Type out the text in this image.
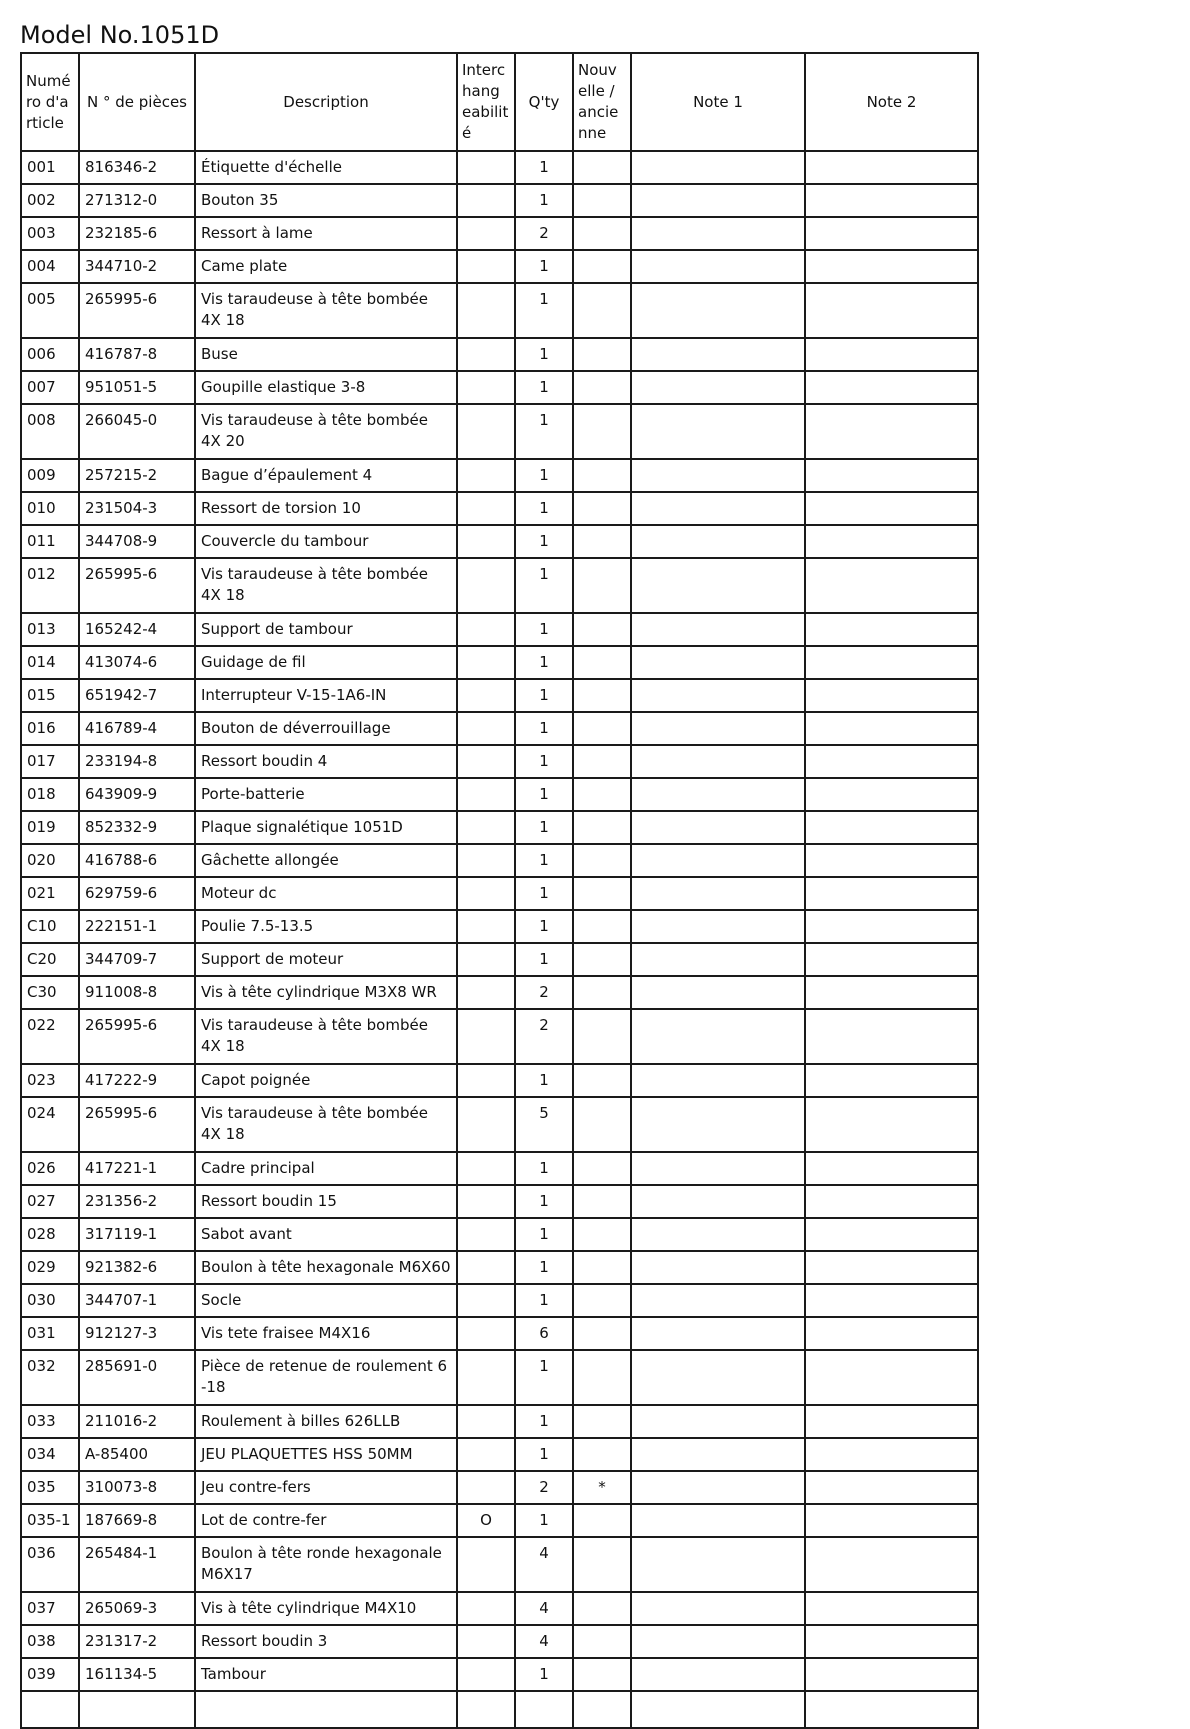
Model No.1051D
Numé ro d'a rticle	N ° de pièces	Description	Interc hang eabilit é	Q'ty	Nouv elle / ancie nne	Note 1	Note 2
001	816346-2	Étiquette d'échelle		1			
002	271312-0	Bouton 35		1			
003	232185-6	Ressort à lame		2			
004	344710-2	Came plate		1			
005	265995-6	Vis taraudeuse à tête bombée 4X 18		1			
006	416787-8	Buse		1			
007	951051-5	Goupille elastique 3-8		1			
008	266045-0	Vis taraudeuse à tête bombée 4X 20		1			
009	257215-2	Bague d’épaulement 4		1			
010	231504-3	Ressort de torsion 10		1			
011	344708-9	Couvercle du tambour		1			
012	265995-6	Vis taraudeuse à tête bombée 4X 18		1			
013	165242-4	Support de tambour		1			
014	413074-6	Guidage de fil		1			
015	651942-7	Interrupteur V-15-1A6-IN		1			
016	416789-4	Bouton de déverrouillage		1			
017	233194-8	Ressort boudin 4		1			
018	643909-9	Porte-batterie		1			
019	852332-9	Plaque signalétique 1051D		1			
020	416788-6	Gâchette allongée		1			
021	629759-6	Moteur dc		1			
C10	222151-1	Poulie 7.5-13.5		1			
C20	344709-7	Support de moteur		1			
C30	911008-8	Vis à tête cylindrique M3X8 WR		2			
022	265995-6	Vis taraudeuse à tête bombée 4X 18		2			
023	417222-9	Capot poignée		1			
024	265995-6	Vis taraudeuse à tête bombée 4X 18		5			
026	417221-1	Cadre principal		1			
027	231356-2	Ressort boudin 15		1			
028	317119-1	Sabot avant		1			
029	921382-6	Boulon à tête hexagonale M6X60		1			
030	344707-1	Socle		1			
031	912127-3	Vis tete fraisee M4X16		6			
032	285691-0	Pièce de retenue de roulement 6 -18		1			
033	211016-2	Roulement à billes 626LLB		1			
034	A-85400	JEU PLAQUETTES HSS 50MM		1			
035	310073-8	Jeu contre-fers		2	*		
035-1	187669-8	Lot de contre-fer	O	1			
036	265484-1	Boulon à tête ronde hexagonale M6X17		4			
037	265069-3	Vis à tête cylindrique M4X10		4			
038	231317-2	Ressort boudin 3		4			
039	161134-5	Tambour		1			
